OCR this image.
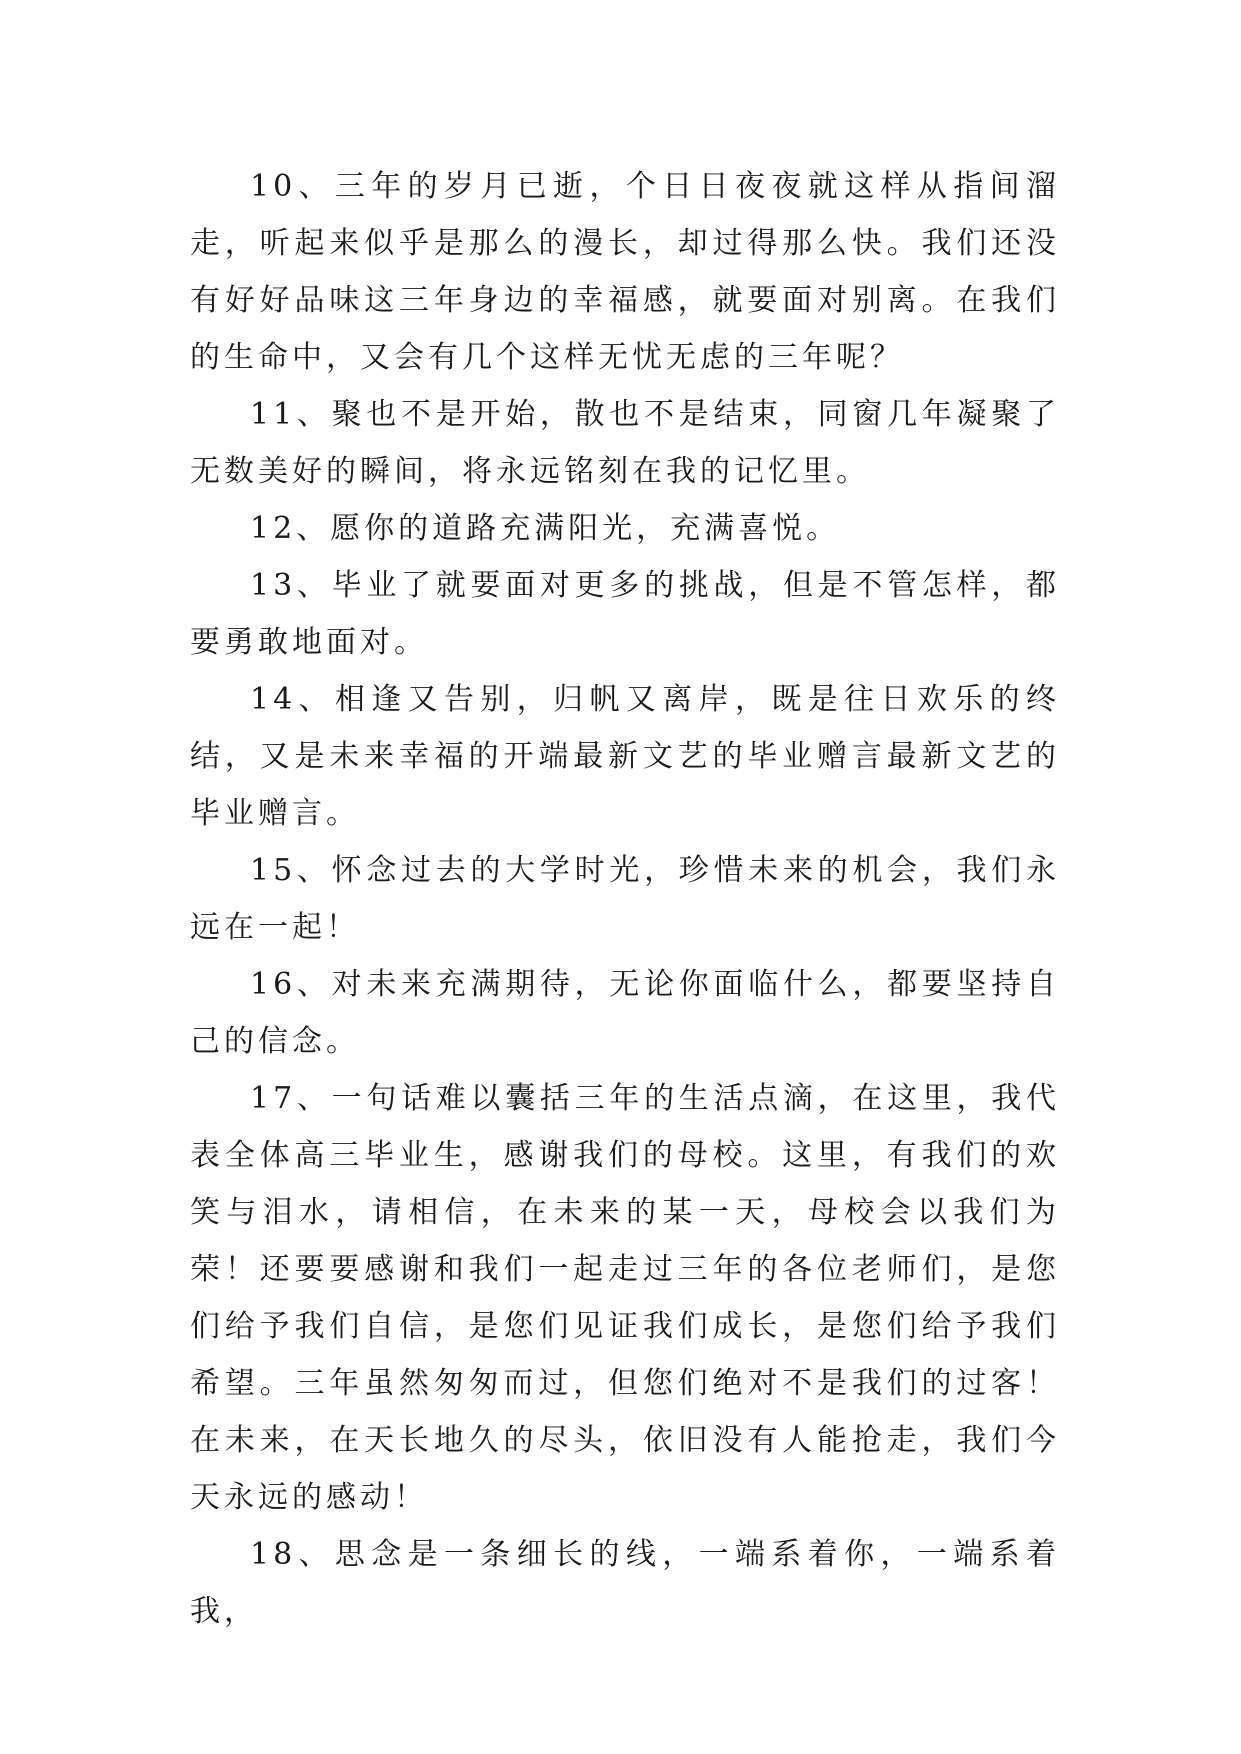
10、三年的岁月已逝，个日日夜夜就这样从指间溜走，听起来似乎是那么的漫长，却过得那么快。我们还没有好好品味这三年身边的幸福感，就要面对别离。在我们的生命中，又会有几个这样无忧无虑的三年呢？

11、聚也不是开始，散也不是结束，同窗几年凝聚了无数美好的瞬间，将永远铭刻在我的记忆里。

12、愿你的道路充满阳光，充满喜悦。

13、毕业了就要面对更多的挑战，但是不管怎样，都要勇敢地面对。

14、相逢又告别，归帆又离岸，既是往日欢乐的终结，又是未来幸福的开端最新文艺的毕业赠言最新文艺的毕业赠言。

15、怀念过去的大学时光，珍惜未来的机会，我们永远在一起！

16、对未来充满期待，无论你面临什么，都要坚持自己的信念。

17、一句话难以囊括三年的生活点滴，在这里，我代表全体高三毕业生，感谢我们的母校。这里，有我们的欢笑与泪水，请相信，在未来的某一天，母校会以我们为荣！还要要感谢和我们一起走过三年的各位老师们，是您们给予我们自信，是您们见证我们成长，是您们给予我们希望。三年虽然匆匆而过，但您们绝对不是我们的过客！在未来，在天长地久的尽头，依旧没有人能抢走，我们今天永远的感动！

18、思念是一条细长的线，一端系着你，一端系着我，
